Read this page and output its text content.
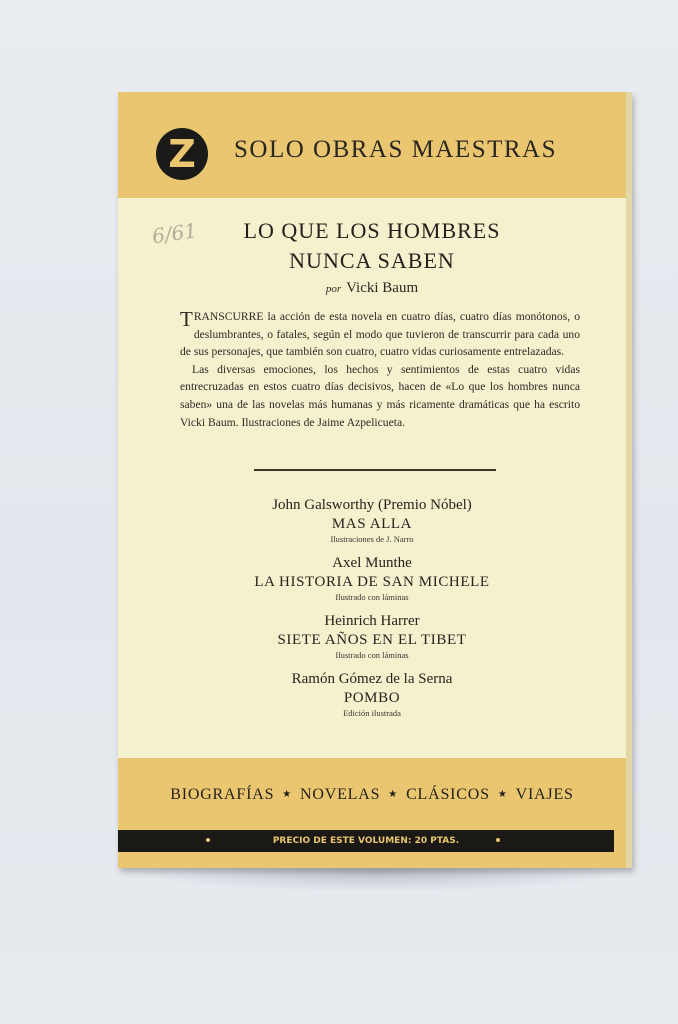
Z	SOLO OBRAS MAESTRAS
6/61	LO QUE LOS HOMBRES
NUNCA SABEN
por Vicki Baum

TRANSCURRE la acción de esta novela en cuatro días, cuatro días monótonos, o deslumbrantes, o fatales, según el modo que tuvieron de transcurrir para cada uno de sus personajes, que también son cuatro, cuatro vidas curiosamente entrelazadas.

Las diversas emociones, los hechos y sentimientos de estas cuatro vidas entrecruzadas en estos cuatro días decisivos, hacen de «Lo que los hombres nunca saben» una de las novelas más humanas y más ricamente dramáticas que ha escrito Vicki Baum. Ilustraciones de Jaime Azpelicueta.

John Galsworthy (Premio Nóbel)
MAS ALLA
Ilustraciones de J. Narro
Axel Munthe
LA HISTORIA DE SAN MICHELE
Ilustrado con láminas
Heinrich Harrer
SIETE AÑOS EN EL TIBET
Ilustrado con láminas
Ramón Gómez de la Serna
POMBO
Edición ilustrada
BIOGRAFÍAS ★ NOVELAS ★ CLÁSICOS ★ VIAJES
PRECIO DE ESTE VOLUMEN: 20 PTAS.
